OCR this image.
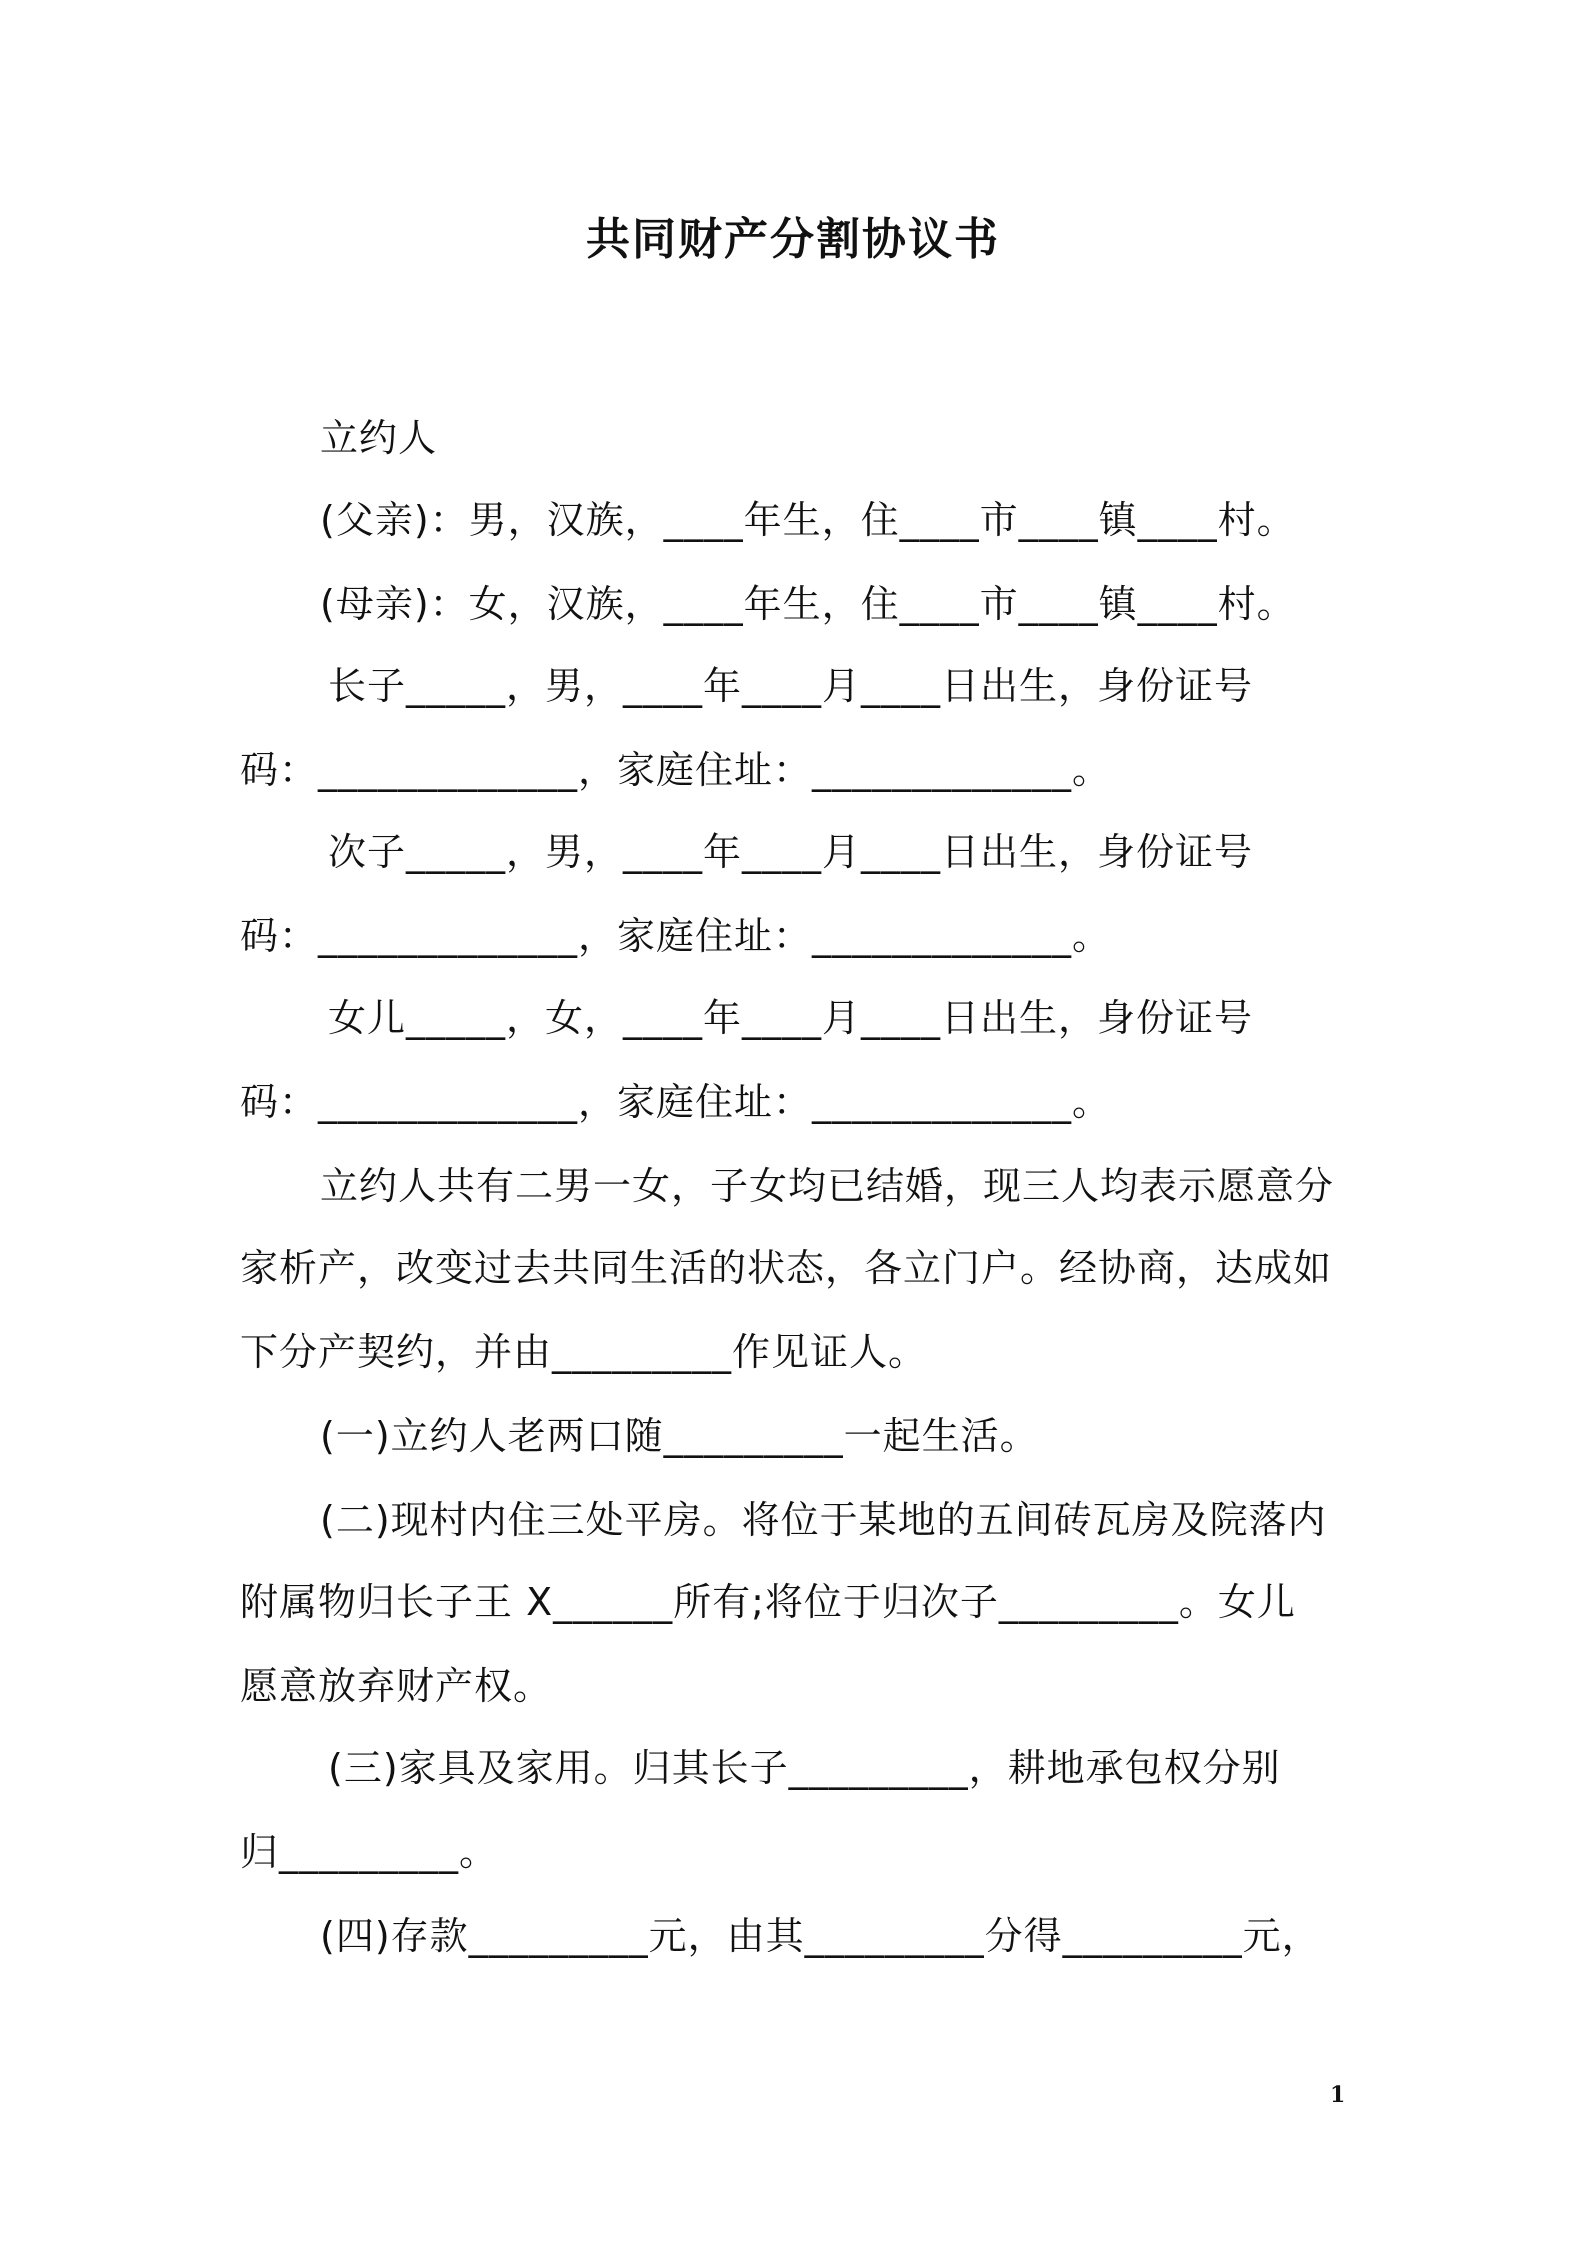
共同财产分割协议书
立约人
(父亲)：男，汉族，____年生，住____市____镇____村。
(母亲)：女，汉族，____年生，住____市____镇____村。
长子_____，男，____年____月____日出生，身份证号
码：_____________，家庭住址：_____________。
次子_____，男，____年____月____日出生，身份证号
码：_____________，家庭住址：_____________。
女儿_____，女，____年____月____日出生，身份证号
码：_____________，家庭住址：_____________。
立约人共有二男一女，子女均已结婚，现三人均表示愿意分
家析产，改变过去共同生活的状态，各立门户。经协商，达成如
下分产契约，并由_________作见证人。
(一)立约人老两口随_________一起生活。
(二)现村内住三处平房。将位于某地的五间砖瓦房及院落内
附属物归长子王 X______所有;将位于归次子_________。女儿
愿意放弃财产权。
(三)家具及家用。归其长子_________，耕地承包权分别
归_________。
(四)存款_________元，由其_________分得_________元，
1
